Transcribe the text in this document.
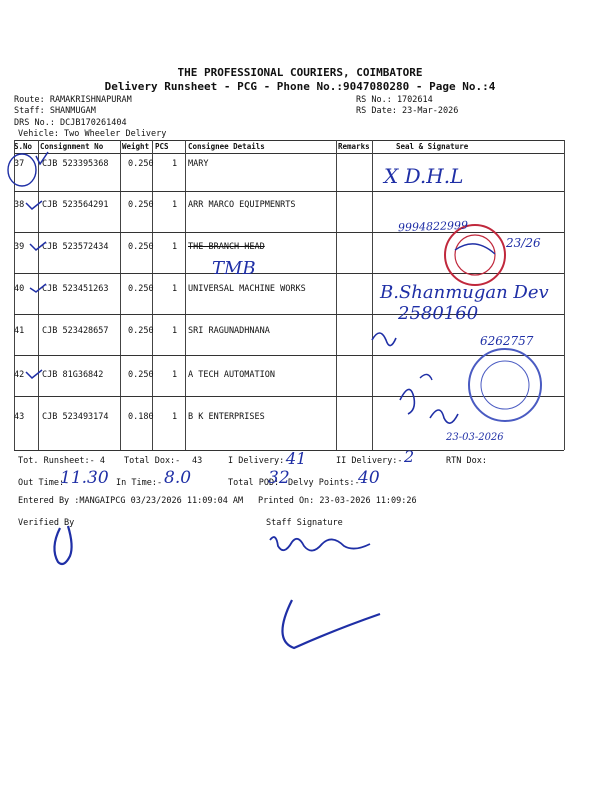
THE PROFESSIONAL COURIERS, COIMBATORE
Delivery Runsheet - PCG - Phone No.:9047080280 - Page No.:4
Route: RAMAKRISHNAPURAM
Staff: SHANMUGAM
DRS No.: DCJB170261404
Vehicle: Two Wheeler Delivery
RS No.: 1702614
RS Date: 23-Mar-2026
S.No Consignment No	Weight PCS	Consignee Details	Remarks	Seal & Signature
37 CJB 523395368 0.250 1 MARY
38 CJB 523564291 0.250 1 ARR MARCO EQUIPMENRTS
39 CJB 523572434 0.250 1 THE BRANCH HEAD
40 CJB 523451263 0.250 1 UNIVERSAL MACHINE WORKS
41 CJB 523428657 0.250 1 SRI RAGUNADHNANA
42 CJB 81G36842	0.250 1 A TECH AUTOMATION
43 CJB 523493174 0.180 1 B K ENTERPRISES
Tot. Runsheet:- 4 Total Dox:- 43	I Delivery:-	II Delivery:-	RTN Dox:
Out Time:-	In Time:-	Total POD: Delvy Points:-
Entered By :MANGAIPCG 03/23/2026 11:09:04 AM Printed On: 23-03-2026 11:09:26
Verified By	Staff Signature
23/26
X D.H.L
9994822999
TMB
B.Shanmugan Dev
2580160
6262757
23-03-2026
11.30	8.0	32	40
41	2
